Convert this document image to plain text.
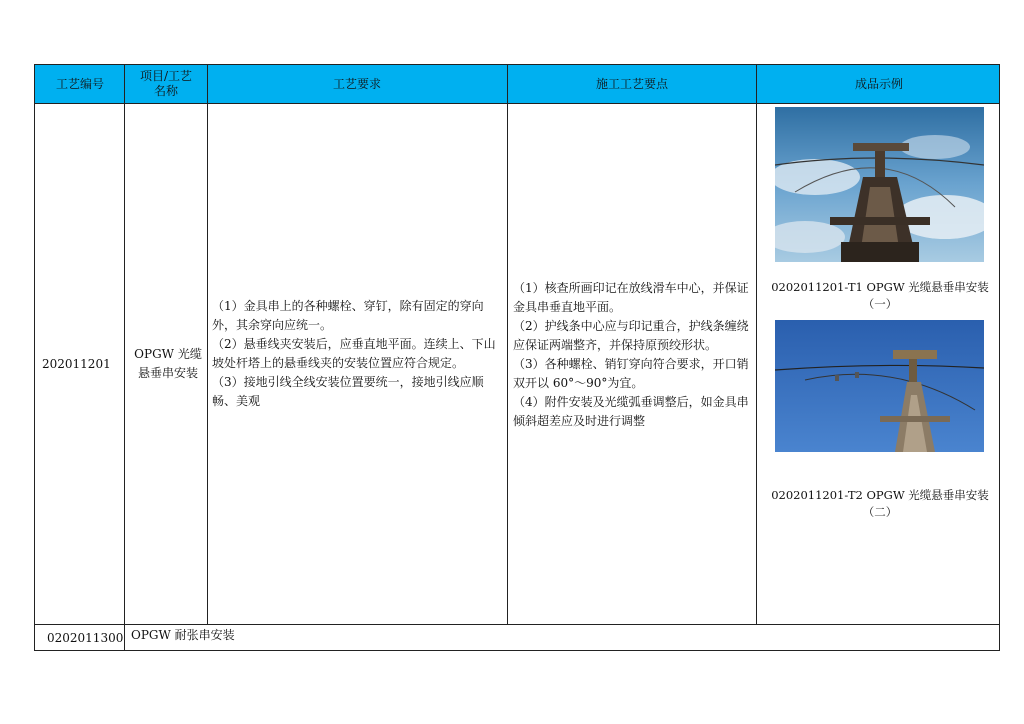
工艺编号
项目/工艺名称
工艺要求	施工工艺要点	成品示例
202011201
OPGW 光缆悬垂串安装

（1）金具串上的各种螺栓、穿钉，除有固定的穿向外，其余穿向应统一。

（2）悬垂线夹安装后，应垂直地平面。连续上、下山坡处杆塔上的悬垂线夹的安装位置应符合规定。

（3）接地引线全线安装位置要统一，接地引线应顺畅、美观

（1）核查所画印记在放线滑车中心，并保证金具串垂直地平面。

（2）护线条中心应与印记重合，护线条缠绕应保证两端整齐，并保持原预绞形状。

（3）各种螺栓、销钉穿向符合要求，开口销双开以 60°～90°为宜。

（4）附件安装及光缆弧垂调整后，如金具串倾斜超差应及时进行调整

0202011201-T1 OPGW 光缆悬垂串安装
（一）
0202011201-T2 OPGW 光缆悬垂串安装
（二）
0202011300 OPGW 耐张串安装
